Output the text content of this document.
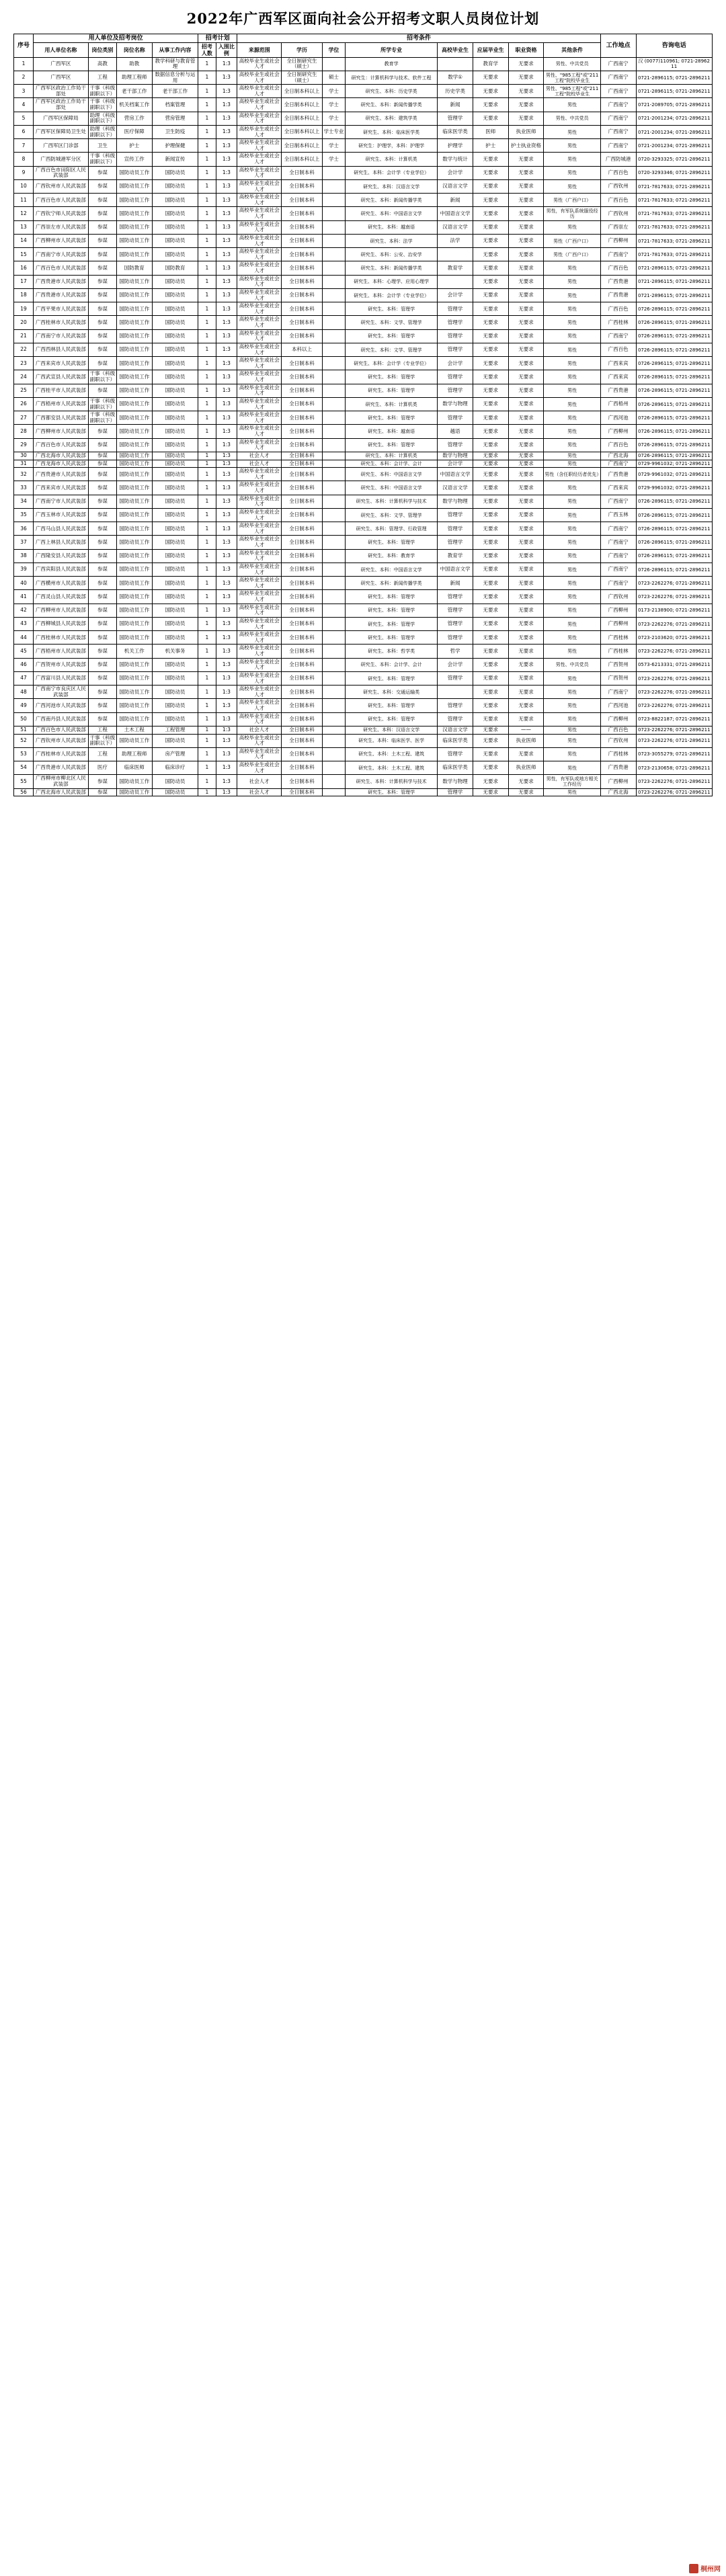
2022年广西军区面向社会公开招考文职人员岗位计划
序号	用人单位及招考岗位				招考计划		招考条件								工作地点	咨询电话
	用人单位名称	岗位类别	岗位名称	从事工作内容	招考人数	入围比例	来源范围	学历	学位	所学专业	高校毕业生	应届毕业生	职业资格	其他条件		
1	广西军区	高教	助教	教学科研与教育管理	1	1:3	高校毕业生或社会人才	全日制研究生（硕士）		教育学		教育学	无要求	男性、中共党员	广西南宁	汉 (0077)110961; 0721-2896211
2	广西军区	工程	助理工程师	数据信息分析与运用	1	1:3	高校毕业生或社会人才	全日制研究生（硕士）	硕士	研究生：计算机科学与技术、软件工程	数学①	无要求	无要求	男性、"985工程"或"211工程"院校毕业生	广西南宁	0721-2896115; 0721-2896211
3	广西军区政治工作局干部处	干事（科级副职以下）	老干部工作	老干部工作	1	1:3	高校毕业生或社会人才	全日制本科以上	学士	研究生、本科：历史学类	历史学类	无要求	无要求	男性、"985工程"或"211工程"院校毕业生	广西南宁	0721-2896115; 0721-2896211
4	广西军区政治工作局干部处	干事（科级副职以下）	机关档案工作	档案管理	1	1:3	高校毕业生或社会人才	全日制本科以上	学士	研究生、本科：新闻传播学类	新闻	无要求	无要求	男性	广西南宁	0721-2089705; 0721-2896211
5	广西军区保障局	助理（科级副职以下）	营房工作	营房管理	1	1:3	高校毕业生或社会人才	全日制本科以上	学士	研究生、本科：建筑学类	管理学	无要求	无要求	男性、中共党员	广西南宁	0721-2001234; 0721-2896211
6	广西军区保障局卫生处	助理（科级副职以下）	医疗保障	卫生防疫	1	1:3	高校毕业生或社会人才	全日制本科以上	学士专业	研究生、本科：临床医学类	临床医学类	医师	执业医师	男性	广西南宁	0721-2001234; 0721-2896211
7	广西军区门诊部	卫生	护士	护理保健	1	1:3	高校毕业生或社会人才	全日制本科以上	学士	研究生：护理学，本科：护理学	护理学	护士	护士执业资格	男性	广西南宁	0721-2001234; 0721-2896211
8	广西防城港军分区	干事（科级副职以下）	宣传工作	新闻宣传	1	1:3	高校毕业生或社会人才	全日制本科以上	学士	研究生、本科：计算机类	数学与统计	无要求	无要求	男性	广西防城港	0720-3293325; 0721-2896211
9	广西百色市田阳区人民武装部	参谋	国防动员工作	国防动员	1	1:3	高校毕业生或社会人才	全日制本科		研究生、本科：会计学（专业学位）	会计学	无要求	无要求	男性	广西百色	0720-3293346; 0721-2896211
10	广西钦州市人民武装部	参谋	国防动员工作	国防动员	1	1:3	高校毕业生或社会人才	全日制本科		研究生、本科：汉语言文学	汉语言文学	无要求	无要求	男性	广西钦州	0721-7817633; 0721-2896211
11	广西百色市人民武装部	参谋	国防动员工作	国防动员	1	1:3	高校毕业生或社会人才	全日制本科		研究生、本科：新闻传播学类	新闻	无要求	无要求	男性（广西户口）	广西百色	0721-7817633; 0721-2896211
12	广西钦宁师人民武装部	参谋	国防动员工作	国防动员	1	1:3	高校毕业生或社会人才	全日制本科		研究生、本科：中国语言文学	中国语言文学	无要求	无要求	男性，有军队系统服役经历	广西钦州	0721-7817633; 0721-2896211
13	广西崇左市人民武装部	参谋	国防动员工作	国防动员	1	1:3	高校毕业生或社会人才	全日制本科		研究生、本科：越南语	汉语言文学	无要求	无要求	男性	广西崇左	0721-7817633; 0721-2896211
14	广西柳州市人民武装部	参谋	国防动员工作	国防动员	1	1:3	高校毕业生或社会人才	全日制本科		研究生、本科：法学	法学	无要求	无要求	男性（广西户口）	广西柳州	0721-7817633; 0721-2896211
15	广西南宁市人民武装部	参谋	国防动员工作	国防动员	1	1:3	高校毕业生或社会人才	全日制本科		研究生、本科：公安、治安学		无要求	无要求	男性（广西户口）	广西南宁	0721-7817633; 0721-2896211
16	广西百色市人民武装部	参谋	国防教育	国防教育	1	1:3	高校毕业生或社会人才	全日制本科		研究生、本科：新闻传播学类	教育学	无要求	无要求	男性	广西百色	0721-2896115; 0721-2896211
17	广西贵港市人民武装部	参谋	国防动员工作	国防动员	1	1:3	高校毕业生或社会人才	全日制本科		研究生、本科：心理学、应用心理学		无要求	无要求	男性	广西贵港	0721-2896115; 0721-2896211
18	广西贵港市人民武装部	参谋	国防动员工作	国防动员	1	1:3	高校毕业生或社会人才	全日制本科		研究生、本科：会计学（专业学位）	会计学	无要求	无要求	男性	广西贵港	0721-2896115; 0721-2896211
19	广西平果市人民武装部	参谋	国防动员工作	国防动员	1	1:3	高校毕业生或社会人才	全日制本科		研究生、本科：管理学	管理学	无要求	无要求	男性	广西百色	0726-2896115; 0721-2896211
20	广西桂林市人民武装部	参谋	国防动员工作	国防动员	1	1:3	高校毕业生或社会人才	全日制本科		研究生、本科：文学、管理学	管理学	无要求	无要求	男性	广西桂林	0726-2896115; 0721-2896211
21	广西南宁市人民武装部	参谋	国防动员工作	国防动员	1	1:3	高校毕业生或社会人才	全日制本科		研究生、本科：管理学	管理学	无要求	无要求	男性	广西南宁	0726-2896115; 0721-2896211
22	广西西林县人民武装部	参谋	国防动员工作	国防动员	1	1:3	高校毕业生或社会人才	本科以上		研究生、本科：文学、管理学	管理学	无要求	无要求	男性	广西百色	0726-2896115; 0721-2896211
23	广西来宾市人民武装部	参谋	国防动员工作	国防动员	1	1:3	高校毕业生或社会人才	全日制本科		研究生、本科：会计学（专业学位）	会计学	无要求	无要求	男性	广西来宾	0726-2896115; 0721-2896211
24	广西武宣县人民武装部	干事（科级副职以下）	国防动员工作	国防动员	1	1:3	高校毕业生或社会人才	全日制本科		研究生、本科：管理学	管理学	无要求	无要求	男性	广西来宾	0726-2896115; 0721-2896211
25	广西桂平市人民武装部	参谋	国防动员工作	国防动员	1	1:3	高校毕业生或社会人才	全日制本科		研究生、本科：管理学	管理学	无要求	无要求	男性	广西贵港	0726-2896115; 0721-2896211
26	广西梧州市人民武装部	干事（科级副职以下）	国防动员工作	国防动员	1	1:3	高校毕业生或社会人才	全日制本科		研究生、本科：计算机类	数学与物理	无要求	无要求	男性	广西梧州	0726-2896115; 0721-2896211
27	广西都安县人民武装部	干事（科级副职以下）	国防动员工作	国防动员	1	1:3	高校毕业生或社会人才	全日制本科		研究生、本科：管理学	管理学	无要求	无要求	男性	广西河池	0726-2896115; 0721-2896211
28	广西柳州市人民武装部	参谋	国防动员工作	国防动员	1	1:3	高校毕业生或社会人才	全日制本科		研究生、本科：越南语	越语	无要求	无要求	男性	广西柳州	0726-2896115; 0721-2896211
29	广西百色市人民武装部	参谋	国防动员工作	国防动员	1	1:3	高校毕业生或社会人才	全日制本科		研究生、本科：管理学	管理学	无要求	无要求	男性	广西百色	0726-2896115; 0721-2896211
30	广西北海市人民武装部	参谋	国防动员工作	国防动员	1	1:3	社会人才	全日制本科		研究生、本科：计算机类	数学与物理	无要求	无要求	男性	广西北海	0726-2896115; 0721-2896211
31	广西龙海市人民武装部	参谋	国防动员工作	国防动员	1	1:3	社会人才	全日制本科		研究生、本科：会计学、会计	会计学	无要求	无要求	男性	广西南宁	0729-9961032; 0721-2896211
32	广西贵港市人民武装部	参谋	国防动员工作	国防动员	1	1:3	高校毕业生或社会人才	全日制本科		研究生、本科：中国语言文学	中国语言文学	无要求	无要求	男性（含任职经历者优先）	广西贵港	0729-9961032; 0721-2896211
33	广西来宾市人民武装部	参谋	国防动员工作	国防动员	1	1:3	高校毕业生或社会人才	全日制本科		研究生、本科：中国语言文学	汉语言文学	无要求	无要求	男性	广西来宾	0729-9961032; 0721-2896211
34	广西南宁市人民武装部	参谋	国防动员工作	国防动员	1	1:3	高校毕业生或社会人才	全日制本科		研究生、本科：计算机科学与技术	数学与物理	无要求	无要求	男性	广西南宁	0726-2896115; 0721-2896211
35	广西玉林市人民武装部	参谋	国防动员工作	国防动员	1	1:3	高校毕业生或社会人才	全日制本科		研究生、本科：文学、管理学	管理学	无要求	无要求	男性	广西玉林	0726-2896115; 0721-2896211
36	广西马山县人民武装部	参谋	国防动员工作	国防动员	1	1:3	高校毕业生或社会人才	全日制本科		研究生、本科：管理学、行政管理	管理学	无要求	无要求	男性	广西南宁	0726-2896115; 0721-2896211
37	广西上林县人民武装部	参谋	国防动员工作	国防动员	1	1:3	高校毕业生或社会人才	全日制本科		研究生、本科：管理学	管理学	无要求	无要求	男性	广西南宁	0726-2896115; 0721-2896211
38	广西隆安县人民武装部	参谋	国防动员工作	国防动员	1	1:3	高校毕业生或社会人才	全日制本科		研究生、本科：教育学	教育学	无要求	无要求	男性	广西南宁	0726-2896115; 0721-2896211
39	广西宾阳县人民武装部	参谋	国防动员工作	国防动员	1	1:3	高校毕业生或社会人才	全日制本科		研究生、本科：中国语言文学	中国语言文学	无要求	无要求	男性	广西南宁	0726-2896115; 0721-2896211
40	广西横州市人民武装部	参谋	国防动员工作	国防动员	1	1:3	高校毕业生或社会人才	全日制本科		研究生、本科：新闻传播学类	新闻	无要求	无要求	男性	广西南宁	0723-2262276; 0721-2896211
41	广西灵山县人民武装部	参谋	国防动员工作	国防动员	1	1:3	高校毕业生或社会人才	全日制本科		研究生、本科：管理学	管理学	无要求	无要求	男性	广西钦州	0723-2262276; 0721-2896211
42	广西柳州市人民武装部	参谋	国防动员工作	国防动员	1	1:3	高校毕业生或社会人才	全日制本科		研究生、本科：管理学	管理学	无要求	无要求	男性	广西柳州	0173-2138900; 0721-2896211
43	广西柳城县人民武装部	参谋	国防动员工作	国防动员	1	1:3	高校毕业生或社会人才	全日制本科		研究生、本科：管理学	管理学	无要求	无要求	男性	广西柳州	0723-2262276; 0721-2896211
44	广西桂林市人民武装部	参谋	国防动员工作	国防动员	1	1:3	高校毕业生或社会人才	全日制本科		研究生、本科：管理学	管理学	无要求	无要求	男性	广西桂林	0723-2103620; 0721-2896211
45	广西梧州市人民武装部	参谋	机关工作	机关事务	1	1:3	高校毕业生或社会人才	全日制本科		研究生、本科：哲学类	哲学	无要求	无要求	男性	广西桂林	0723-2262276; 0721-2896211
46	广西贺州市人民武装部	参谋	国防动员工作	国防动员	1	1:3	高校毕业生或社会人才	全日制本科		研究生、本科：会计学、会计	会计学	无要求	无要求	男性、中共党员	广西贺州	0573-6213331; 0721-2896211
47	广西富川县人民武装部	参谋	国防动员工作	国防动员	1	1:3	高校毕业生或社会人才	全日制本科		研究生、本科：管理学	管理学	无要求	无要求	男性	广西贺州	0723-2262276; 0721-2896211
48	广西南宁市良庆区人民武装部	参谋	国防动员工作	国防动员	1	1:3	高校毕业生或社会人才	全日制本科		研究生、本科：交通运输类		无要求	无要求	男性	广西南宁	0723-2262276; 0721-2896211
49	广西河池市人民武装部	参谋	国防动员工作	国防动员	1	1:3	高校毕业生或社会人才	全日制本科		研究生、本科：管理学	管理学	无要求	无要求	男性	广西河池	0723-2262276; 0721-2896211
50	广西南丹县人民武装部	参谋	国防动员工作	国防动员	1	1:3	高校毕业生或社会人才	全日制本科		研究生、本科：管理学	管理学	无要求	无要求	男性	广西柳州	0723-8822187; 0721-2896211
51	广西百色市人民武装部	工程	土木工程	工程管理	1	1:3	社会人才	全日制本科		研究生、本科：汉语言文学	汉语言文学	无要求	——	男性	广西百色	0723-2262276; 0721-2896211
52	广西钦州市人民武装部	干事（科级副职以下）	国防动员工作	国防动员	1	1:3	高校毕业生或社会人才	全日制本科		研究生、本科：临床医学、医学	临床医学类	无要求	执业医师	男性	广西钦州	0723-2262276; 0721-2896211
53	广西桂林市人民武装部	工程	助理工程师	房产管理	1	1:3	高校毕业生或社会人才	全日制本科		研究生、本科：土木工程、建筑	管理学	无要求	无要求	男性	广西桂林	0723-3055279; 0721-2896211
54	广西贵港市人民武装部	医疗	临床医师	临床诊疗	1	1:3	高校毕业生或社会人才	全日制本科		研究生、本科：土木工程、建筑	临床医学类	无要求	执业医师	男性	广西贵港	0723-2130658; 0721-2896211
55	广西柳州市柳北区人民武装部	参谋	国防动员工作	国防动员	1	1:3	社会人才	全日制本科		研究生、本科：计算机科学与技术	数学与物理	无要求	无要求	男性，有军队或地方相关工作经历	广西柳州	0723-2262276; 0721-2896211
56	广西北海市人民武装部	参谋	国防动员工作	国防动员	1	1:3	社会人才	全日制本科		研究生、本科：管理学	管理学	无要求	无要求	男性	广西北海	0723-2262276; 0721-2896211
桐州网
